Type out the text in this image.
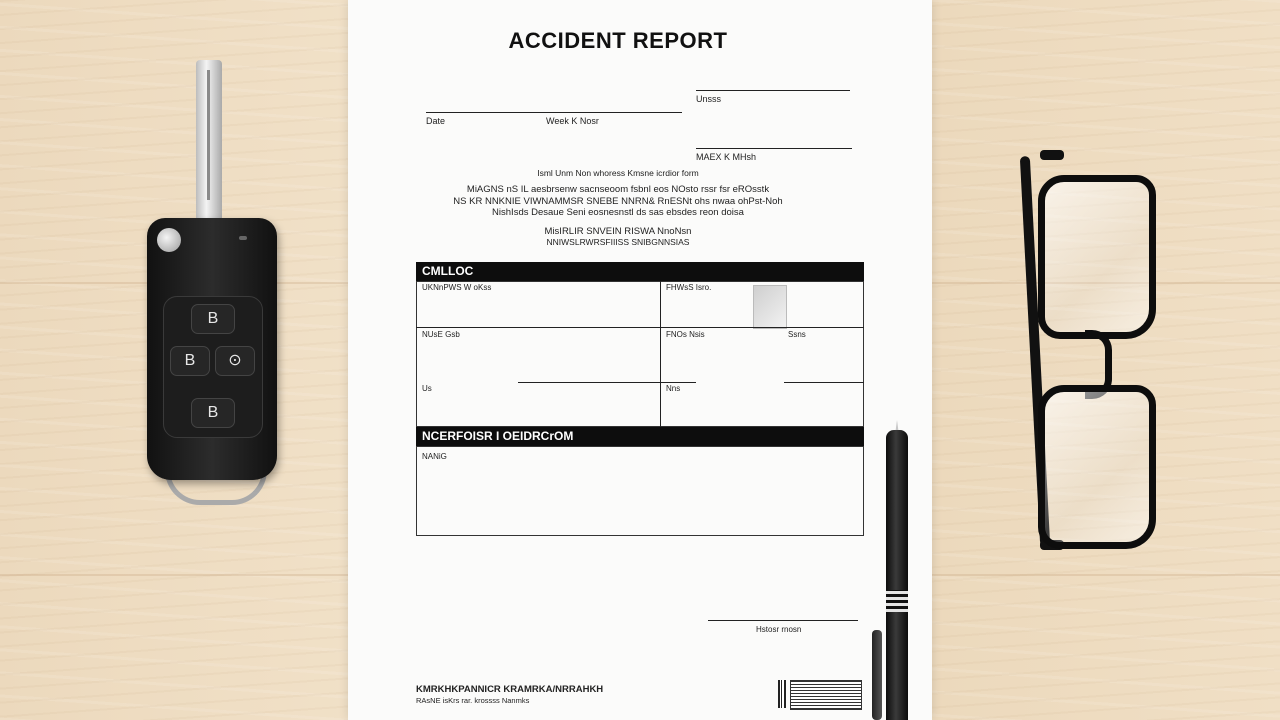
B
B	⊙
B
ACCIDENT REPORT
Date	Week K Nosr
Unsss
MAEX K MHsh
Isml Unm Non whoress Kmsne icrdior form
MiAGNS nS IL aesbrsenw sacnseoom fsbnl eos NOsto rssr fsr eROsstk
NS KR NNKNIE VIWNAMMSR SNEBE NNRN& RnESNt ohs nwaa ohPst-Noh
NishIsds Desaue Seni eosnesnstl ds sas ebsdes reon doisa
MisIRLIR SNVEIN RISWA NnoNsn
NNIWSLRWRSFIIISS SNIBGNNSIAS
CMLLOC
UKNnPWS W oKss	FHWsS Isro.
NUsE Gsb	FNOs Nsis	Ssns
Us	Nns
NCERFOISR I OEIDRCrOM
NANiG
Hstosr rnosn
KMRKHKPANNICR KRAMRKA/NRRAHKH
RAsNE isKrs rar. krossss Nanmks
